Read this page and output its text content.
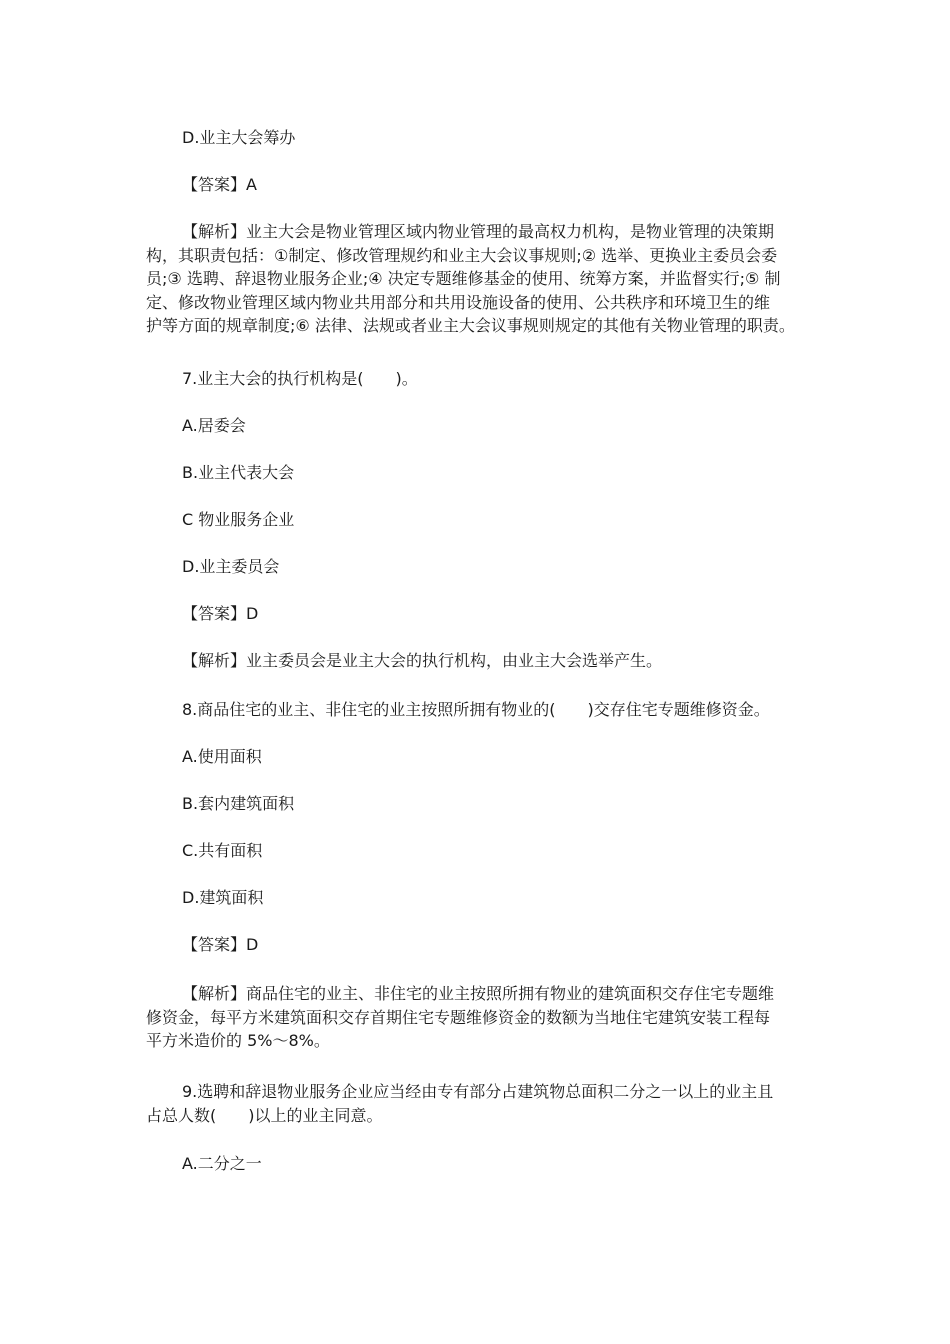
D.业主大会筹办

【答案】A

【解析】业主大会是物业管理区域内物业管理的最高权力机构，是物业管理的决策期
构，其职责包括：①制定、修改管理规约和业主大会议事规则;② 选举、更换业主委员会委
员;③ 选聘、辞退物业服务企业;④ 决定专题维修基金的使用、统筹方案，并监督实行;⑤ 制
定、修改物业管理区域内物业共用部分和共用设施设备的使用、公共秩序和环境卫生的维
护等方面的规章制度;⑥ 法律、法规或者业主大会议事规则规定的其他有关物业管理的职责。

7.业主大会的执行机构是(　　)。

A.居委会

B.业主代表大会

C 物业服务企业

D.业主委员会

【答案】D

【解析】业主委员会是业主大会的执行机构，由业主大会选举产生。

8.商品住宅的业主、非住宅的业主按照所拥有物业的(　　)交存住宅专题维修资金。

A.使用面积

B.套内建筑面积

C.共有面积

D.建筑面积

【答案】D

【解析】商品住宅的业主、非住宅的业主按照所拥有物业的建筑面积交存住宅专题维
修资金，每平方米建筑面积交存首期住宅专题维修资金的数额为当地住宅建筑安装工程每
平方米造价的 5%～8%。
9.选聘和辞退物业服务企业应当经由专有部分占建筑物总面积二分之一以上的业主且
占总人数(　　)以上的业主同意。

A.二分之一
